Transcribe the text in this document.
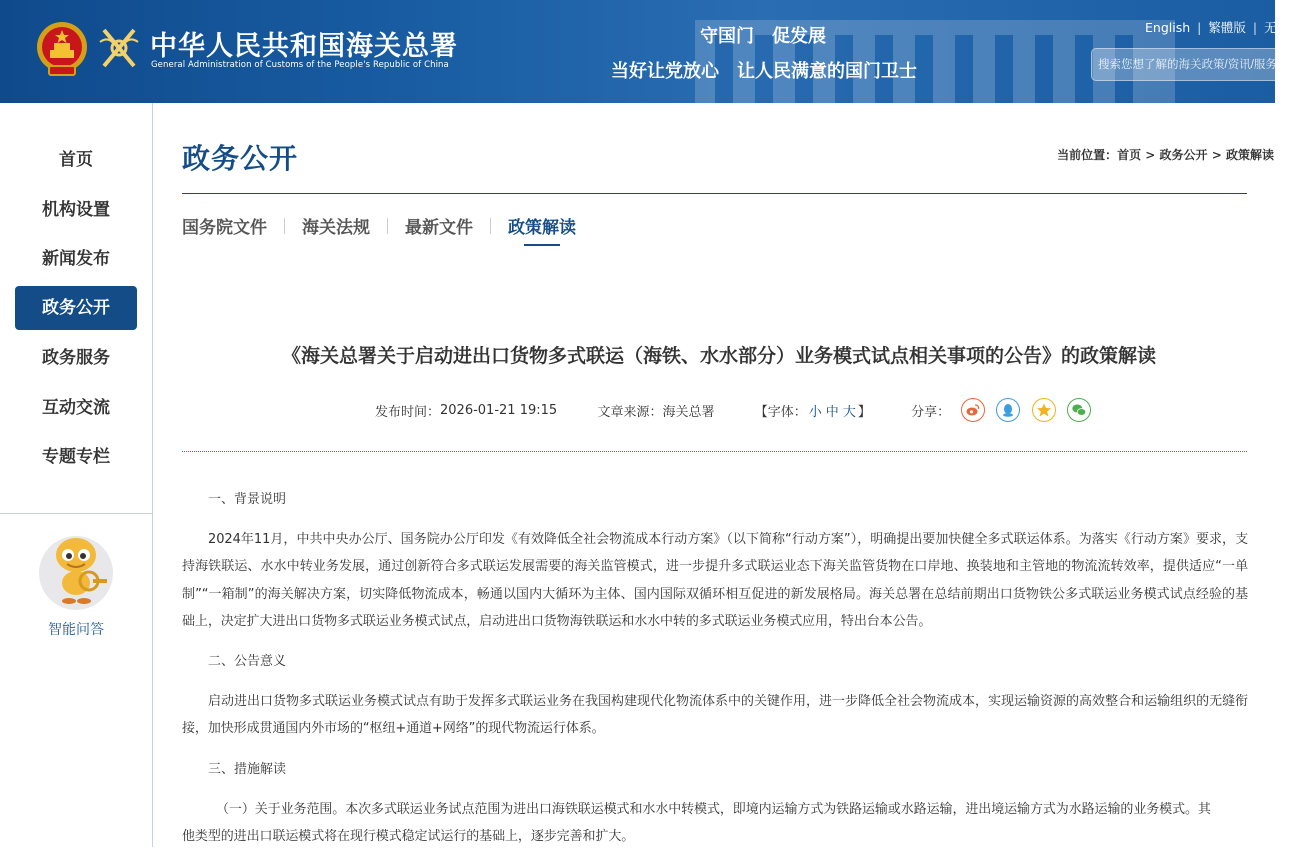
中华人民共和国海关总署
General Administration of Customs of the People's Republic of China
守国门　促发展
当好让党放心　让人民满意的国门卫士
English | 繁體版 | 无障碍
搜索您想了解的海关政策/资讯/服务
首页
机构设置
新闻发布
政务公开
政务服务
互动交流
专题专栏
智能问答
政务公开	当前位置：首页 > 政务公开 > 政策解读
国务院文件 海关法规 最新文件 政策解读
《海关总署关于启动进出口货物多式联运（海铁、水水部分）业务模式试点相关事项的公告》的政策解读
发布时间：2026-01-21 19:15	文章来源：海关总署	【字体： 小 中 大 】	分享：

一、背景说明

2024年11月，中共中央办公厅、国务院办公厅印发《有效降低全社会物流成本行动方案》（以下简称“行动方案”），明确提出要加快健全多式联运体系。为落实《行动方案》要求，支持海铁联运、水水中转业务发展，通过创新符合多式联运发展需要的海关监管模式，进一步提升多式联运业态下海关监管货物在口岸地、换装地和主管地的物流流转效率，提供适应“一单制”“一箱制”的海关解决方案，切实降低物流成本，畅通以国内大循环为主体、国内国际双循环相互促进的新发展格局。海关总署在总结前期出口货物铁公多式联运业务模式试点经验的基础上，决定扩大进出口货物多式联运业务模式试点，启动进出口货物海铁联运和水水中转的多式联运业务模式应用，特出台本公告。

二、公告意义

启动进出口货物多式联运业务模式试点有助于发挥多式联运业务在我国构建现代化物流体系中的关键作用，进一步降低全社会物流成本，实现运输资源的高效整合和运输组织的无缝衔接，加快形成贯通国内外市场的“枢纽+通道+网络”的现代物流运行体系。

三、措施解读

（一）关于业务范围。本次多式联运业务试点范围为进出口海铁联运模式和水水中转模式，即境内运输方式为铁路运输或水路运输，进出境运输方式为水路运输的业务模式。其

他类型的进出口联运模式将在现行模式稳定试运行的基础上，逐步完善和扩大。
